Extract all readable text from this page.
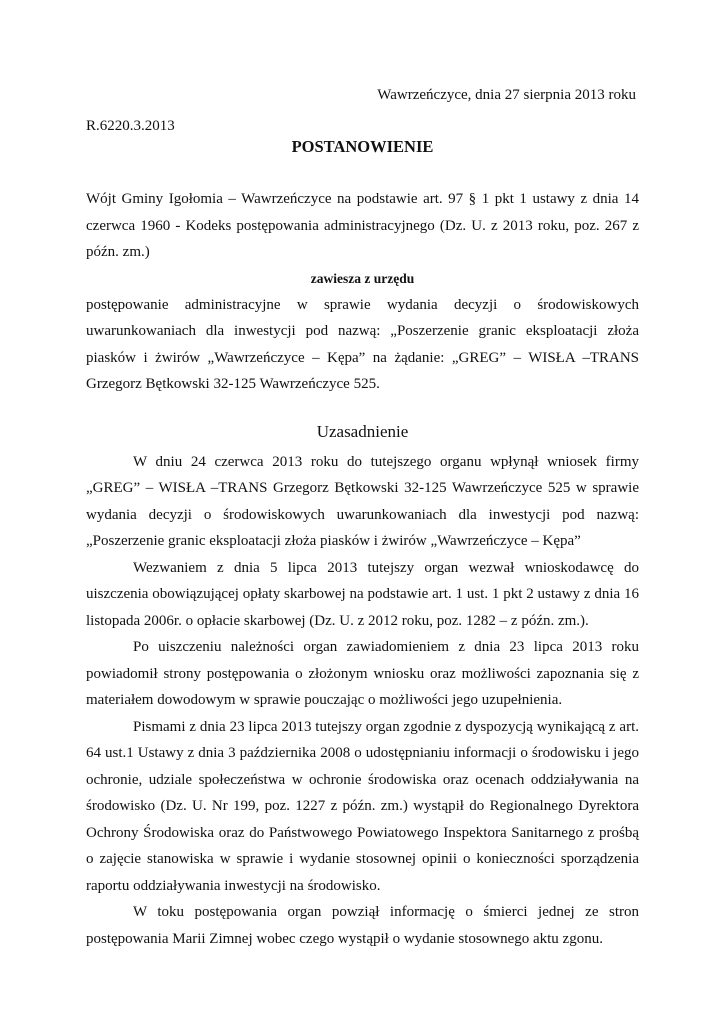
Wawrzeńczyce, dnia 27 sierpnia 2013 roku
R.6220.3.2013
POSTANOWIENIE

Wójt Gminy Igołomia – Wawrzeńczyce na podstawie art. 97 § 1 pkt 1 ustawy z dnia 14 czerwca 1960 - Kodeks postępowania administracyjnego (Dz. U. z 2013 roku, poz. 267 z późn. zm.)

zawiesza z urzędu

postępowanie administracyjne w sprawie wydania decyzji o środowiskowych uwarunkowaniach dla inwestycji pod nazwą: „Poszerzenie granic eksploatacji złoża piasków i żwirów „Wawrzeńczyce – Kępa” na żądanie: „GREG” – WISŁA –TRANS Grzegorz Bętkowski 32-125 Wawrzeńczyce 525.

Uzasadnienie

W dniu 24 czerwca 2013 roku do tutejszego organu wpłynął wniosek firmy „GREG” – WISŁA –TRANS Grzegorz Bętkowski 32-125 Wawrzeńczyce 525 w sprawie wydania decyzji o środowiskowych uwarunkowaniach dla inwestycji pod nazwą: „Poszerzenie granic eksploatacji złoża piasków i żwirów „Wawrzeńczyce – Kępa”

Wezwaniem z dnia 5 lipca 2013 tutejszy organ wezwał wnioskodawcę do uiszczenia obowiązującej opłaty skarbowej na podstawie art. 1 ust. 1 pkt 2 ustawy z dnia 16 listopada 2006r. o opłacie skarbowej (Dz. U. z 2012 roku, poz. 1282 – z późn. zm.).

Po uiszczeniu należności organ zawiadomieniem z dnia 23 lipca 2013 roku powiadomił strony postępowania o złożonym wniosku oraz możliwości zapoznania się z materiałem dowodowym w sprawie pouczając o możliwości jego uzupełnienia.

Pismami z dnia 23 lipca 2013 tutejszy organ zgodnie z dyspozycją wynikającą z art. 64 ust.1 Ustawy z dnia 3 października 2008 o udostępnianiu informacji o środowisku i jego ochronie, udziale społeczeństwa w ochronie środowiska oraz ocenach oddziaływania na środowisko (Dz. U. Nr 199, poz. 1227 z późn. zm.) wystąpił do Regionalnego Dyrektora Ochrony Środowiska oraz do Państwowego Powiatowego Inspektora Sanitarnego z prośbą o zajęcie stanowiska w sprawie i wydanie stosownej opinii o konieczności sporządzenia raportu oddziaływania inwestycji na środowisko.

W toku postępowania organ powziął informację o śmierci jednej ze stron postępowania Marii Zimnej wobec czego wystąpił o wydanie stosownego aktu zgonu.
